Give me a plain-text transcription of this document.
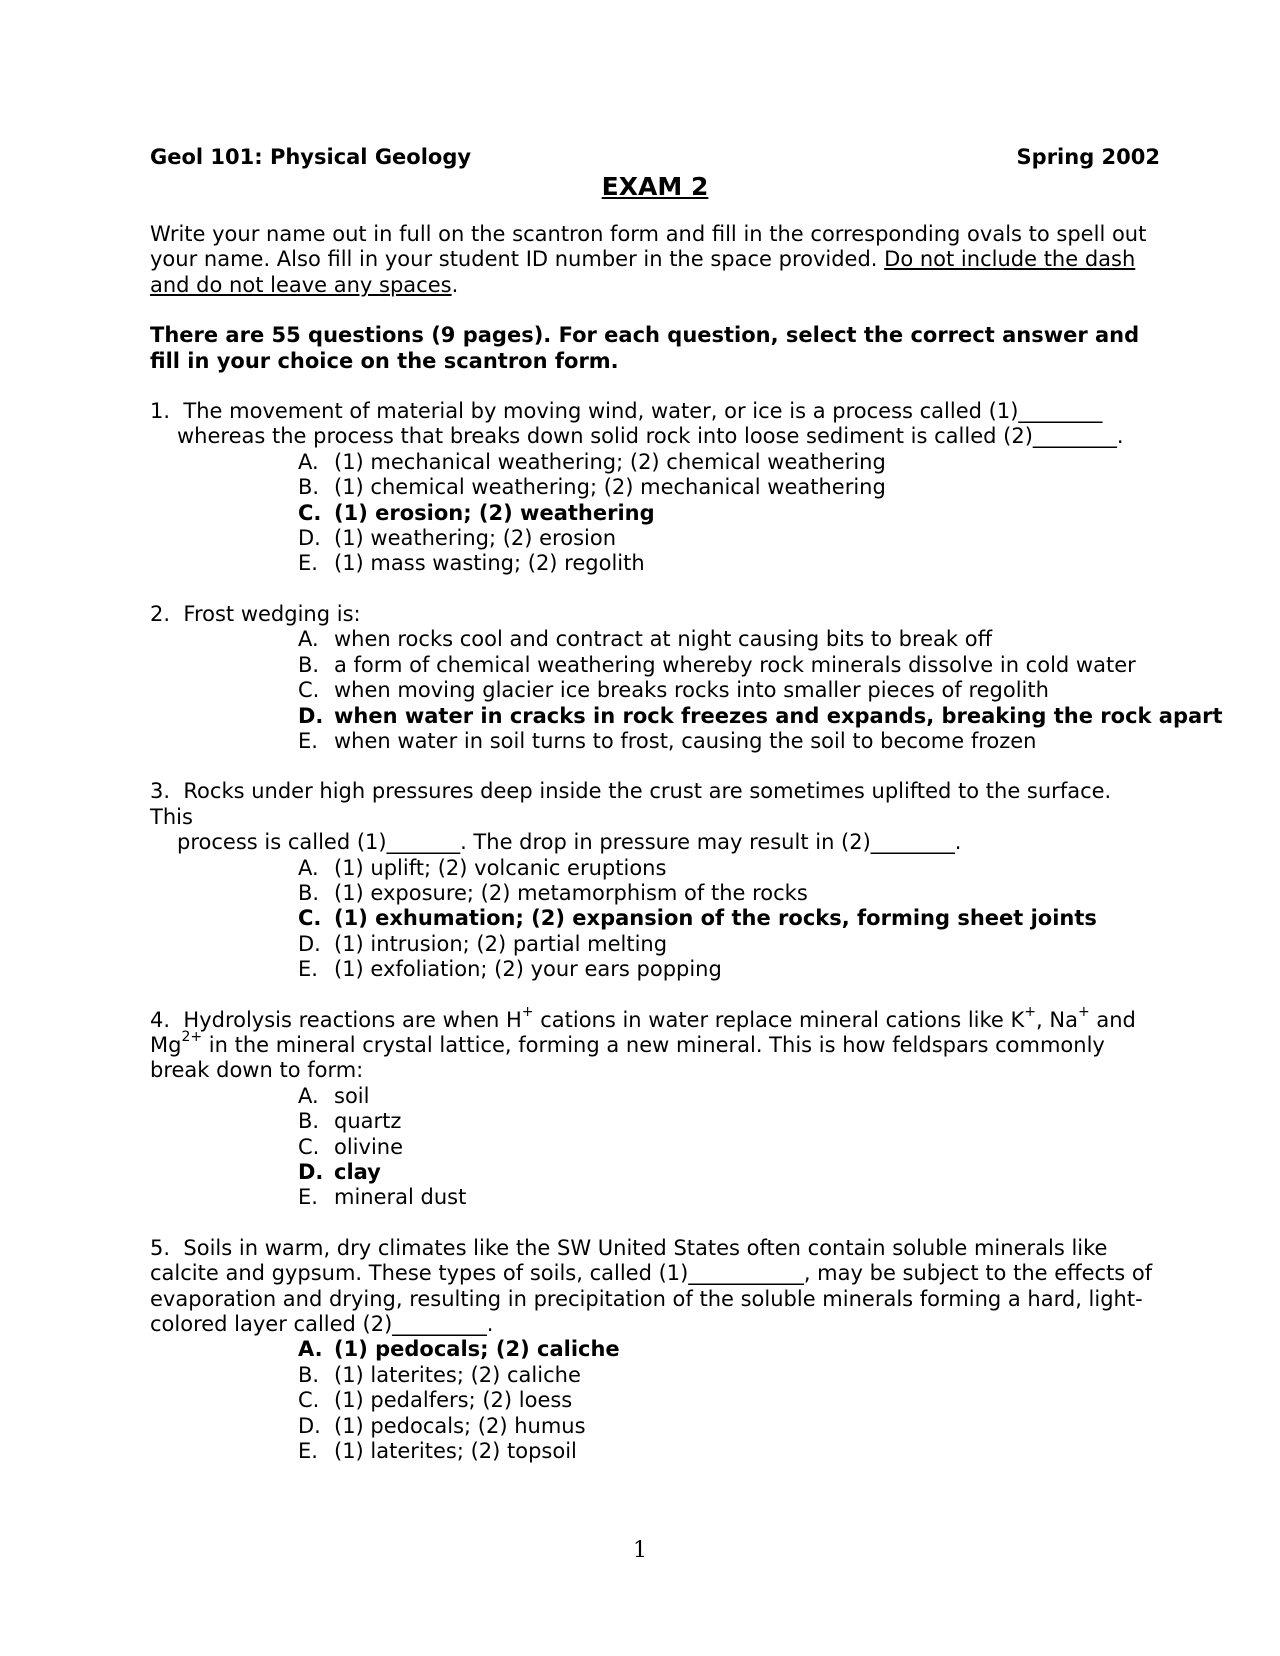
Geol 101: Physical Geology	Spring 2002
EXAM 2
Write your name out in full on the scantron form and fill in the corresponding ovals to spell out your name. Also fill in your student ID number in the space provided. Do not include the dash and do not leave any spaces.
There are 55 questions (9 pages). For each question, select the correct answer and fill in your choice on the scantron form.
1. The movement of material by moving wind, water, or ice is a process called (1)________
whereas the process that breaks down solid rock into loose sediment is called (2)________.
A. (1) mechanical weathering; (2) chemical weathering
B. (1) chemical weathering; (2) mechanical weathering
C. (1) erosion; (2) weathering
D. (1) weathering; (2) erosion
E. (1) mass wasting; (2) regolith
2. Frost wedging is:
A. when rocks cool and contract at night causing bits to break off
B. a form of chemical weathering whereby rock minerals dissolve in cold water
C. when moving glacier ice breaks rocks into smaller pieces of regolith
D. when water in cracks in rock freezes and expands, breaking the rock apart
E. when water in soil turns to frost, causing the soil to become frozen
3. Rocks under high pressures deep inside the crust are sometimes uplifted to the surface. This
process is called (1)_______. The drop in pressure may result in (2)________.
A. (1) uplift; (2) volcanic eruptions
B. (1) exposure; (2) metamorphism of the rocks
C. (1) exhumation; (2) expansion of the rocks, forming sheet joints
D. (1) intrusion; (2) partial melting
E. (1) exfoliation; (2) your ears popping
4. Hydrolysis reactions are when H+ cations in water replace mineral cations like K+, Na+ and
$Mg^{2+}$ in the mineral crystal lattice, forming a new mineral. This is how feldspars commonly break down to form:
A. soil
B. quartz
C. olivine
D. clay
E. mineral dust
5. Soils in warm, dry climates like the SW United States often contain soluble minerals like calcite and gypsum. These types of soils, called (1)___________, may be subject to the effects of evaporation and drying, resulting in precipitation of the soluble minerals forming a hard, light-colored layer called (2)_________.
A. (1) pedocals; (2) caliche
B. (1) laterites; (2) caliche
C. (1) pedalfers; (2) loess
D. (1) pedocals; (2) humus
E. (1) laterites; (2) topsoil
1
